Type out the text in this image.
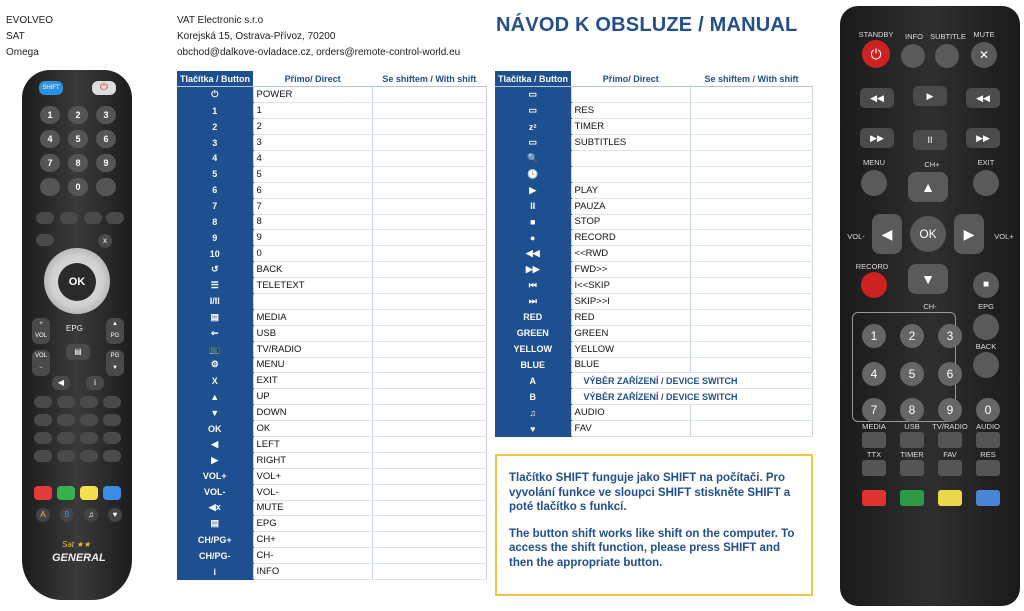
EVOLVEO
SAT
Omega
VAT Electronic s.r.o
Korejská 15, Ostrava-Přívoz, 70200
obchod@dalkove-ovladace.cz, orders@remote-control-world.eu
NÁVOD K OBSLUZE / MANUAL
Tlačítka / Button	Přímo/ Direct	Se shiftem / With shift
⏻	POWER	
1	1	
2	2	
3	3	
4	4	
5	5	
6	6	
7	7	
8	8	
9	9	
10	0	
↺	BACK	
☰	TELETEXT	
I/II		
▤	MEDIA	
⇜	USB	
📺	TV/RADIO	
⚙	MENU	
X	EXIT	
▲	UP	
▼	DOWN	
OK	OK	
◀	LEFT	
▶	RIGHT	
VOL+	VOL+	
VOL-	VOL-	
◀x	MUTE	
▤	EPG	
CH/PG+	CH+	
CH/PG-	CH-	
i	INFO	
Tlačítka / Button	Přímo/ Direct	Se shiftem / With shift
▭		
▭	RES	
zᶻ	TIMER	
▭	SUBTITLES	
🔍		
🕓		
▶	PLAY	
II	PAUZA	
■	STOP	
●	RECORD	
◀◀	<<RWD	
▶▶	FWD>>	
⏮	I<<SKIP	
⏭	SKIP>>I	
RED	RED	
GREEN	GREEN	
YELLOW	YELLOW	
BLUE	BLUE	
A	VÝBĚR ZAŘÍZENÍ / DEVICE SWITCH	
B	VÝBĚR ZAŘÍZENÍ / DEVICE SWITCH	
♫	AUDIO	
♥	FAV	

Tlačítko SHIFT funguje jako SHIFT na počítači. Pro vyvolání funkce ve sloupci SHIFT stiskněte SHIFT a poté tlačítko s funkcí.

The button shift works like shift on the computer. To access the shift function, please press SHIFT and then the appropriate button.

SHIFT	⏻
1	2	3
4	5	6
7	8	9
0
x
OK
+
VOL
▲
PG
EPG
VOL
−
PG
▼
▤
◀	i
A	B	♫	♥
Sat ★★
GENERAL
STANDBY
⏻
INFO SUBTITLE MUTE
✕
◀◀	▶	◀◀
▶▶	II	▶▶
MENU	CH+	EXIT
▲
◀	OK	▶
VOL-	VOL+
▼
RECORD
■
CH-	EPG
BACK
1	2	3
4	5	6
7	8	9	0
MEDIA	USB	TV/RADIO	AUDIO
TTX	TIMER	FAV	RES
